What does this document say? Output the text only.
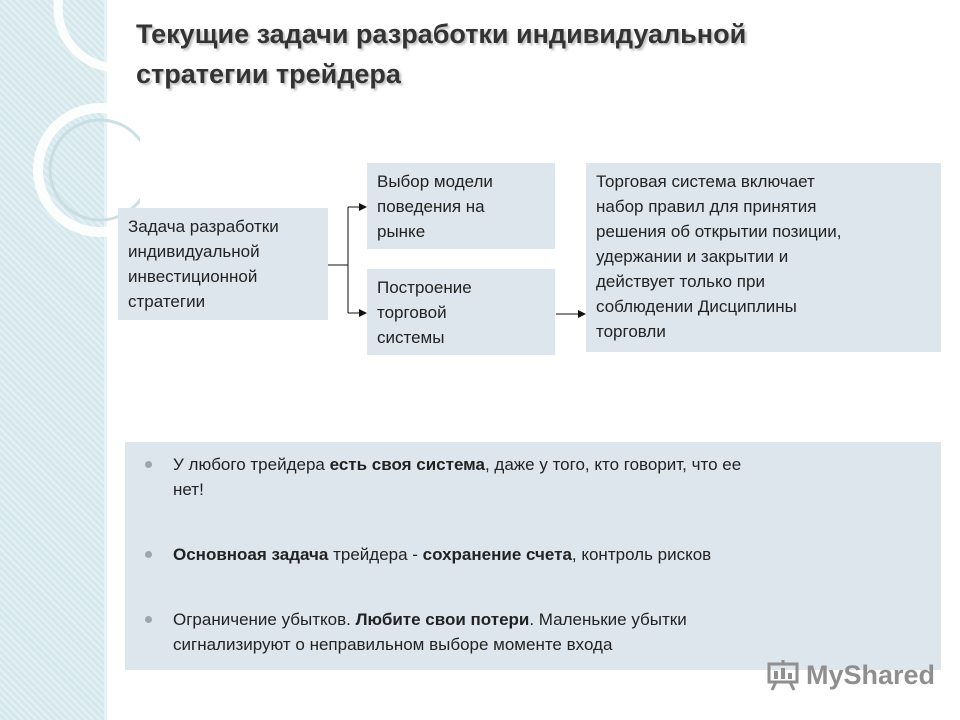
Текущие задачи разработки индивидуальной
стратегии трейдера
Задача разработки
индивидуальной
инвестиционной
стратегии
Выбор модели
поведения на
рынке
Построение
торговой
системы
Торговая система включает
набор правил для принятия
решения об открытии позиции,
удержании и закрытии и
действует только при
соблюдении Дисциплины
торговли
У любого трейдера есть своя система, даже у того, кто говорит, что ее
нет!
Основноая задача трейдера - сохранение счета, контроль рисков
Ограничение убытков. Любите свои потери. Маленькие убытки
сигнализируют о неправильном выборе моменте входа
MyShared
